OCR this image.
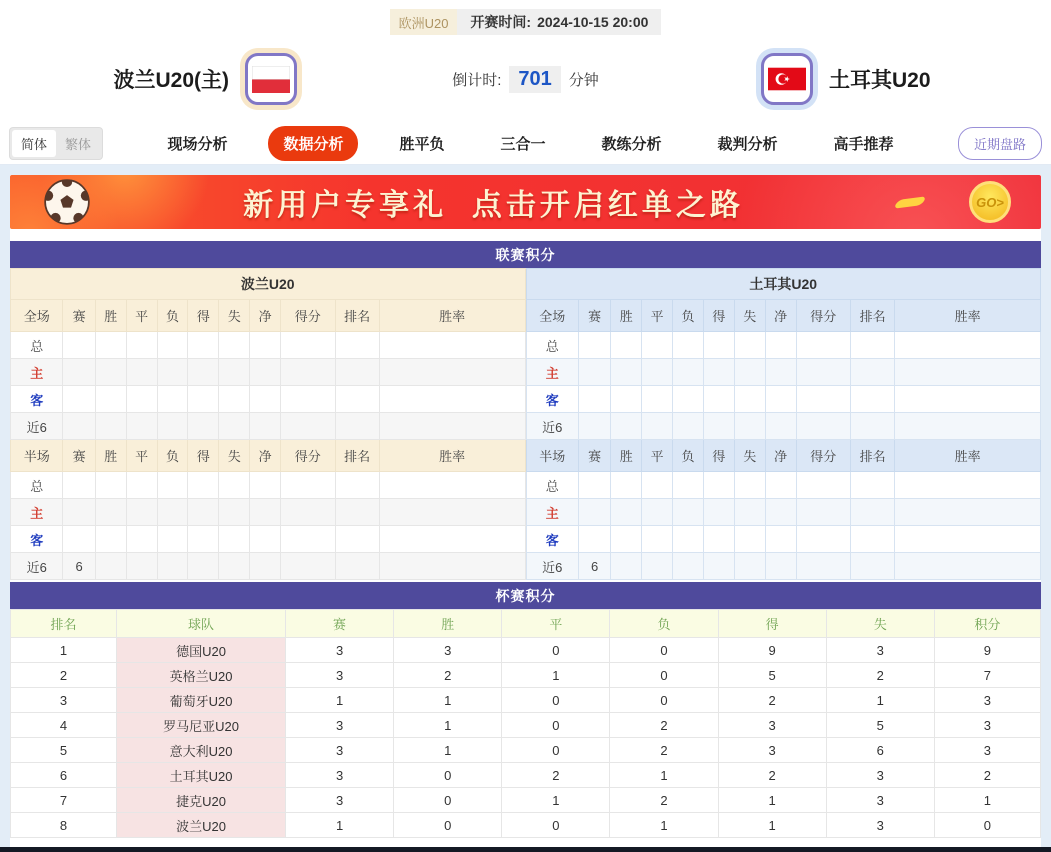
欧洲U20	开赛时间: 2024-10-15 20:00
波兰U20(主)	倒计时: 701	分钟	土耳其U20
简体	繁体	现场分析	数据分析	胜平负	三合一	教练分析	裁判分析	高手推荐	近期盘路
新用户专享礼 点击开启红单之路	GO>
联赛积分
波兰U20										
全场	赛	胜	平	负	得	失	净	得分	排名	胜率
总										
主										
客										
近6										
半场	赛	胜	平	负	得	失	净	得分	排名	胜率
总										
主										
客										
近6	6									
土耳其U20										
全场	赛	胜	平	负	得	失	净	得分	排名	胜率
总										
主										
客										
近6										
半场	赛	胜	平	负	得	失	净	得分	排名	胜率
总										
主										
客										
近6	6									
杯赛积分
排名	球队	赛	胜	平	负	得	失	积分
1	德国U20	3	3	0	0	9	3	9
2	英格兰U20	3	2	1	0	5	2	7
3	葡萄牙U20	1	1	0	0	2	1	3
4	罗马尼亚U20	3	1	0	2	3	5	3
5	意大利U20	3	1	0	2	3	6	3
6	土耳其U20	3	0	2	1	2	3	2
7	捷克U20	3	0	1	2	1	3	1
8	波兰U20	1	0	0	1	1	3	0
